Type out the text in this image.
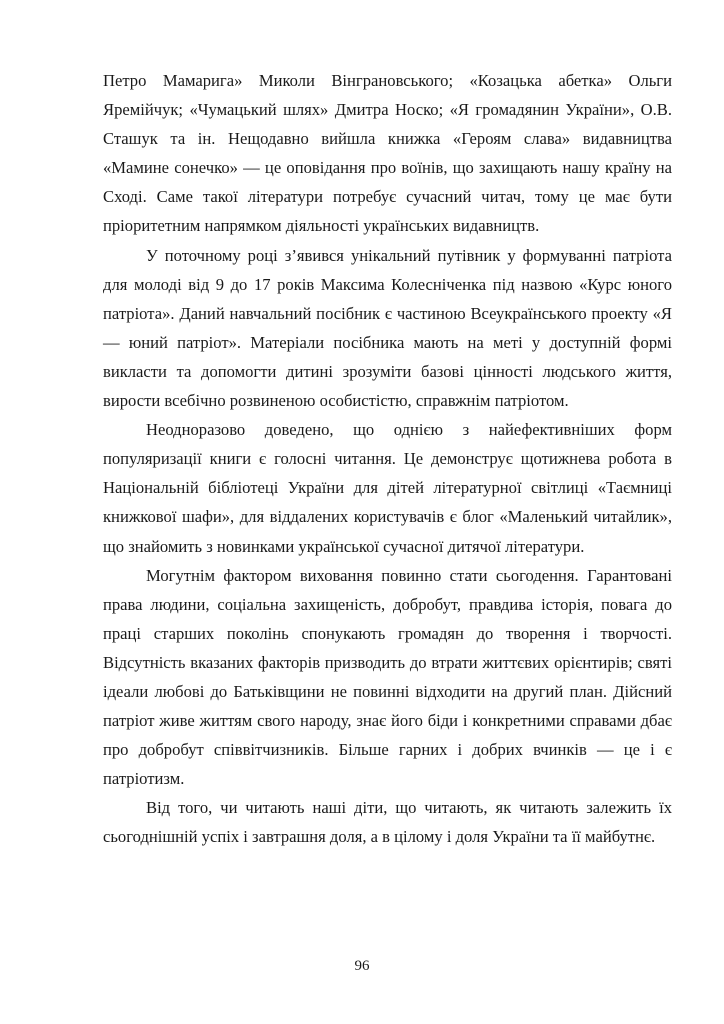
Петро Мамарига» Миколи Вінграновського; «Козацька абетка» Ольги Яремійчук; «Чумацький шлях» Дмитра Носко; «Я громадянин України», О.В. Сташук та ін. Нещодавно вийшла книжка «Героям слава» видавництва «Мамине сонечко» — це оповідання про воїнів, що захищають нашу країну на Сході. Саме такої літератури потребує сучасний читач, тому це має бути пріоритетним напрямком діяльності українських видавництв.

У поточному році з’явився унікальний путівник у формуванні патріота для молоді від 9 до 17 років Максима Колесніченка під назвою «Курс юного патріота». Даний навчальний посібник є частиною Всеукраїнського проекту «Я — юний патріот». Матеріали посібника мають на меті у доступній формі викласти та допомогти дитині зрозуміти базові цінності людського життя, вирости всебічно розвиненою особистістю, справжнім патріотом.

Неодноразово доведено, що однією з найефективніших форм популяризації книги є голосні читання. Це демонструє щотижнева робота в Національній бібліотеці України для дітей літературної світлиці «Таємниці книжкової шафи», для віддалених користувачів є блог «Маленький читайлик», що знайомить з новинками української сучасної дитячої літератури.

Могутнім фактором виховання повинно стати сьогодення. Гарантовані права людини, соціальна захищеність, добробут, правдива історія, повага до праці старших поколінь спонукають громадян до творення і творчості. Відсутність вказаних факторів призводить до втрати життєвих орієнтирів; святі ідеали любові до Батьківщини не повинні відходити на другий план. Дійсний патріот живе життям свого народу, знає його біди і конкретними справами дбає про добробут співвітчизників. Більше гарних і добрих вчинків — це і є патріотизм.

Від того, чи читають наші діти, що читають, як читають залежить їх сьогоднішній успіх і завтрашня доля, а в цілому і доля України та її майбутнє.

96
